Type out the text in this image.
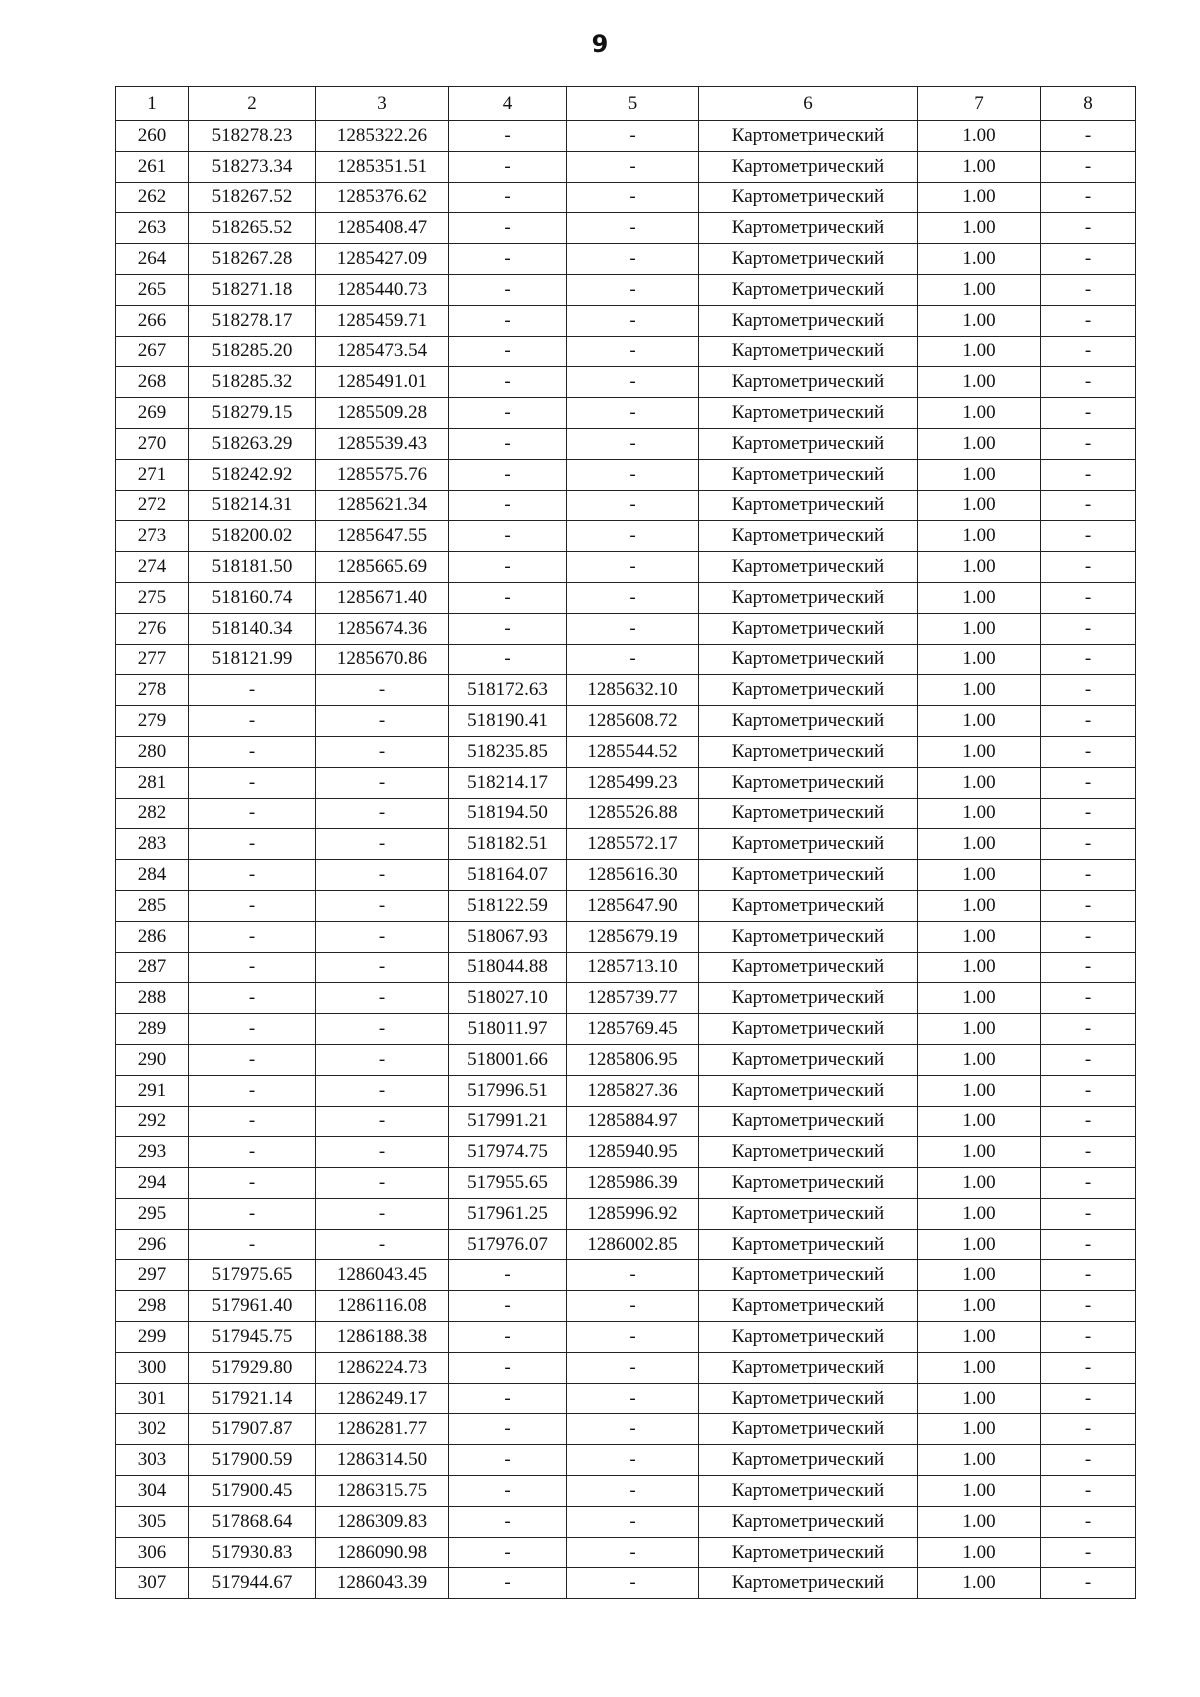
9
1	2	3	4	5	6	7	8
260	518278.23	1285322.26	-	-	Картометрический	1.00	-
261	518273.34	1285351.51	-	-	Картометрический	1.00	-
262	518267.52	1285376.62	-	-	Картометрический	1.00	-
263	518265.52	1285408.47	-	-	Картометрический	1.00	-
264	518267.28	1285427.09	-	-	Картометрический	1.00	-
265	518271.18	1285440.73	-	-	Картометрический	1.00	-
266	518278.17	1285459.71	-	-	Картометрический	1.00	-
267	518285.20	1285473.54	-	-	Картометрический	1.00	-
268	518285.32	1285491.01	-	-	Картометрический	1.00	-
269	518279.15	1285509.28	-	-	Картометрический	1.00	-
270	518263.29	1285539.43	-	-	Картометрический	1.00	-
271	518242.92	1285575.76	-	-	Картометрический	1.00	-
272	518214.31	1285621.34	-	-	Картометрический	1.00	-
273	518200.02	1285647.55	-	-	Картометрический	1.00	-
274	518181.50	1285665.69	-	-	Картометрический	1.00	-
275	518160.74	1285671.40	-	-	Картометрический	1.00	-
276	518140.34	1285674.36	-	-	Картометрический	1.00	-
277	518121.99	1285670.86	-	-	Картометрический	1.00	-
278	-	-	518172.63	1285632.10	Картометрический	1.00	-
279	-	-	518190.41	1285608.72	Картометрический	1.00	-
280	-	-	518235.85	1285544.52	Картометрический	1.00	-
281	-	-	518214.17	1285499.23	Картометрический	1.00	-
282	-	-	518194.50	1285526.88	Картометрический	1.00	-
283	-	-	518182.51	1285572.17	Картометрический	1.00	-
284	-	-	518164.07	1285616.30	Картометрический	1.00	-
285	-	-	518122.59	1285647.90	Картометрический	1.00	-
286	-	-	518067.93	1285679.19	Картометрический	1.00	-
287	-	-	518044.88	1285713.10	Картометрический	1.00	-
288	-	-	518027.10	1285739.77	Картометрический	1.00	-
289	-	-	518011.97	1285769.45	Картометрический	1.00	-
290	-	-	518001.66	1285806.95	Картометрический	1.00	-
291	-	-	517996.51	1285827.36	Картометрический	1.00	-
292	-	-	517991.21	1285884.97	Картометрический	1.00	-
293	-	-	517974.75	1285940.95	Картометрический	1.00	-
294	-	-	517955.65	1285986.39	Картометрический	1.00	-
295	-	-	517961.25	1285996.92	Картометрический	1.00	-
296	-	-	517976.07	1286002.85	Картометрический	1.00	-
297	517975.65	1286043.45	-	-	Картометрический	1.00	-
298	517961.40	1286116.08	-	-	Картометрический	1.00	-
299	517945.75	1286188.38	-	-	Картометрический	1.00	-
300	517929.80	1286224.73	-	-	Картометрический	1.00	-
301	517921.14	1286249.17	-	-	Картометрический	1.00	-
302	517907.87	1286281.77	-	-	Картометрический	1.00	-
303	517900.59	1286314.50	-	-	Картометрический	1.00	-
304	517900.45	1286315.75	-	-	Картометрический	1.00	-
305	517868.64	1286309.83	-	-	Картометрический	1.00	-
306	517930.83	1286090.98	-	-	Картометрический	1.00	-
307	517944.67	1286043.39	-	-	Картометрический	1.00	-
